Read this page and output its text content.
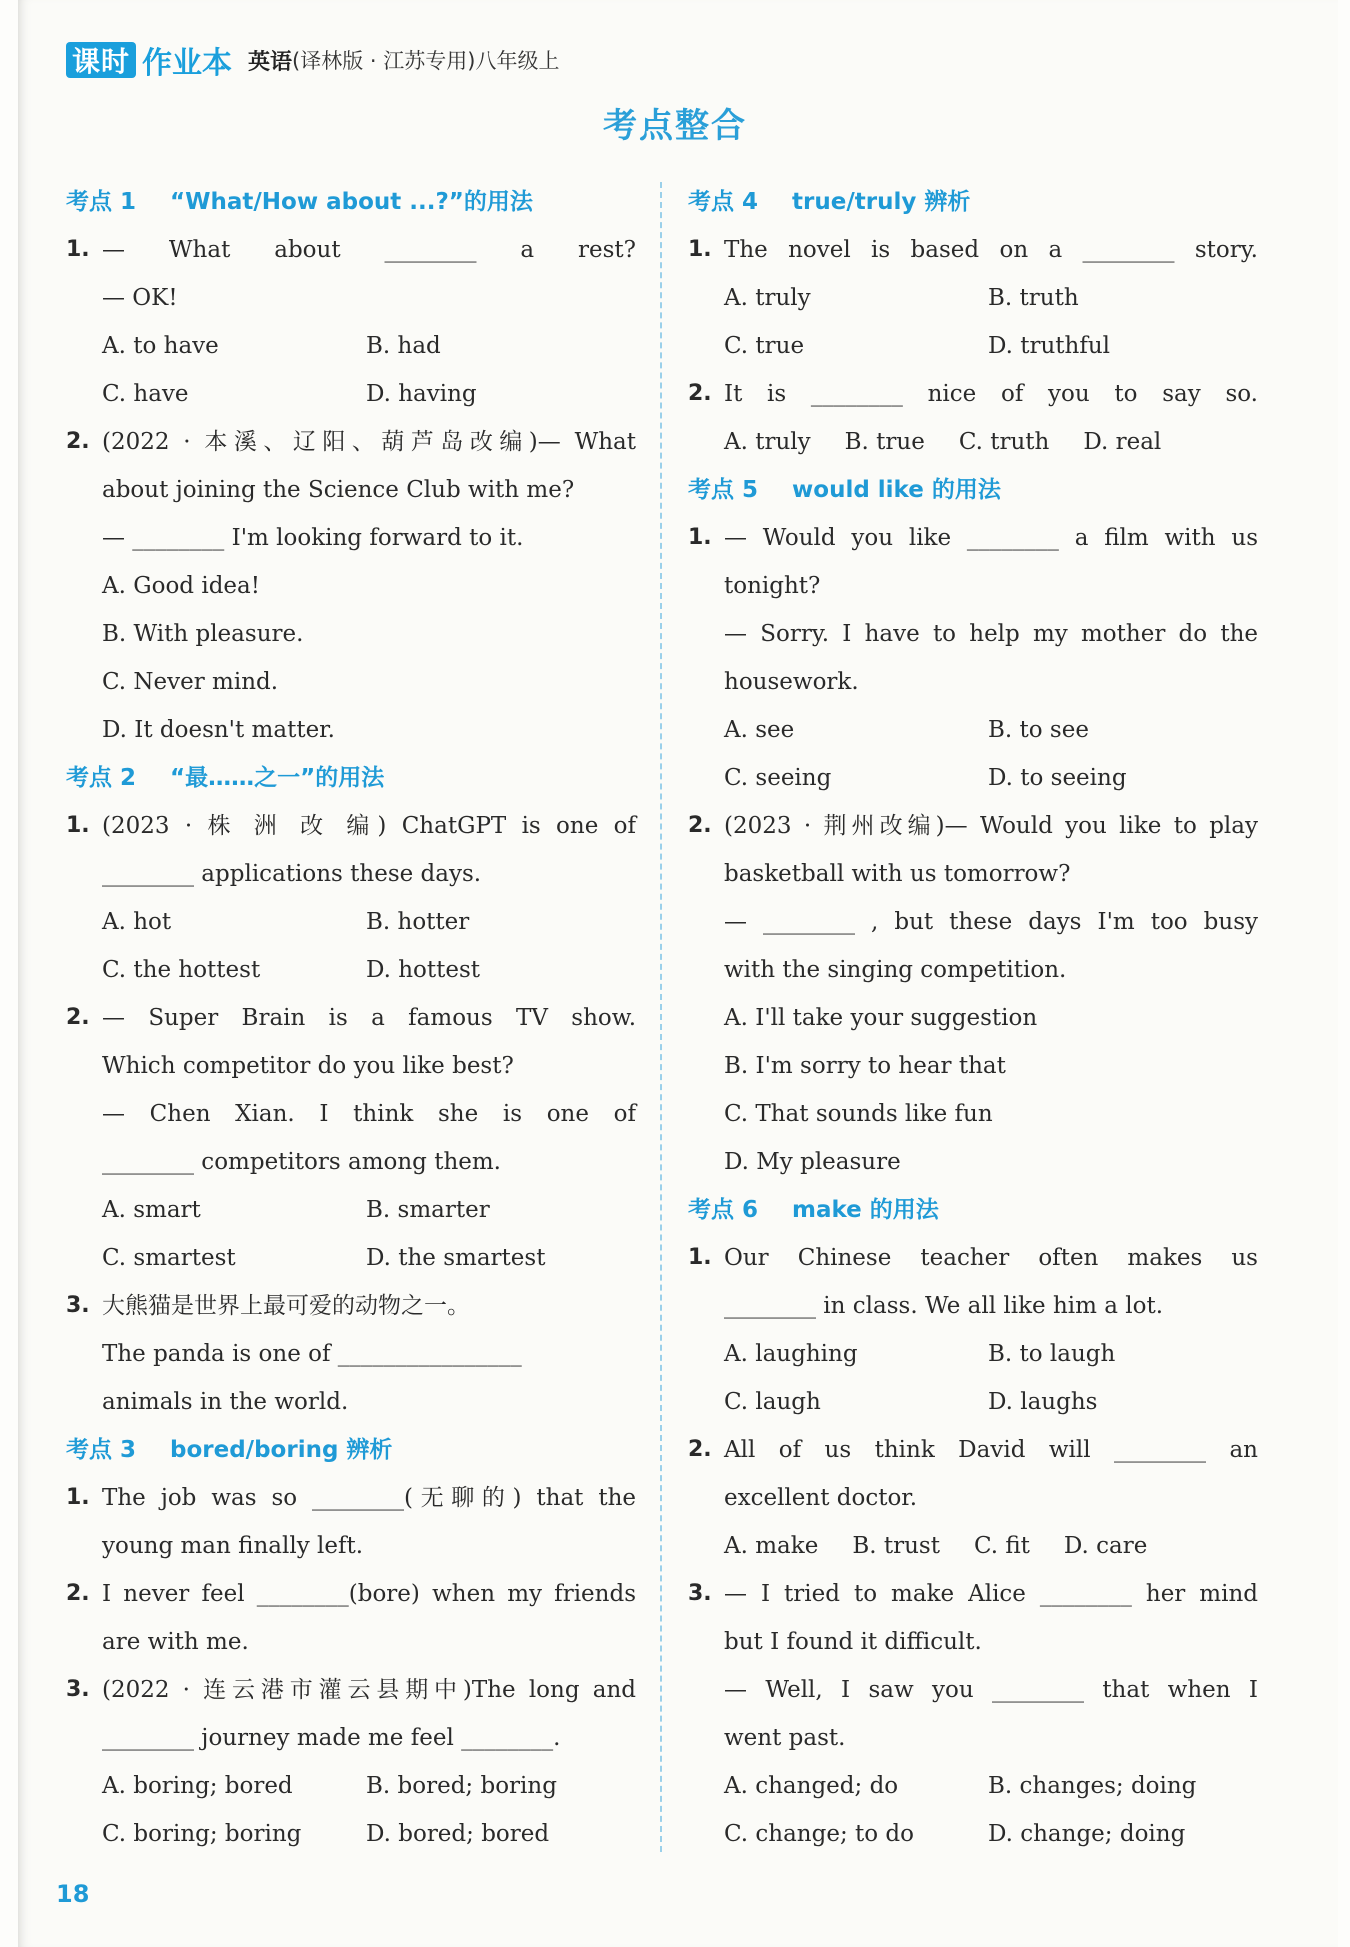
课时 作业本 英语 (译林版 · 江苏专用)八年级上
考点整合
考点 1 “What/How about ...?”的用法
1. — What about ________ a rest?
— OK!
A. to have	B. had
C. have	D. having
2. (2022 · 本溪、辽阳、葫芦岛改编)— What
about joining the Science Club with me?
— ________ I'm looking forward to it.
A. Good idea!
B. With pleasure.
C. Never mind.
D. It doesn't matter.
考点 2 “最……之一”的用法
1. (2023 · 株 洲 改 编) ChatGPT is one of
________ applications these days.
A. hot	B. hotter
C. the hottest	D. hottest
2. — Super Brain is a famous TV show.
Which competitor do you like best?
— Chen Xian. I think she is one of
________ competitors among them.
A. smart	B. smarter
C. smartest	D. the smartest
3. 大熊猫是世界上最可爱的动物之一。
The panda is one of ________________
animals in the world.
考点 3 bored/boring 辨析
1. The job was so ________(无聊的) that the
young man finally left.
2. I never feel ________(bore) when my friends
are with me.
3. (2022 · 连云港市灌云县期中)The long and
________ journey made me feel ________.
A. boring; bored	B. bored; boring
C. boring; boring	D. bored; bored
考点 4 true/truly 辨析
1. The novel is based on a ________ story.
A. truly	B. truth
C. true	D. truthful
2. It is ________ nice of you to say so.
A. truly B. true C. truth D. real
考点 5 would like 的用法
1. — Would you like ________ a film with us
tonight?
— Sorry. I have to help my mother do the
housework.
A. see	B. to see
C. seeing	D. to seeing
2. (2023 · 荆州改编)— Would you like to play
basketball with us tomorrow?
— ________ , but these days I'm too busy
with the singing competition.
A. I'll take your suggestion
B. I'm sorry to hear that
C. That sounds like fun
D. My pleasure
考点 6 make 的用法
1. Our Chinese teacher often makes us
________ in class. We all like him a lot.
A. laughing	B. to laugh
C. laugh	D. laughs
2. All of us think David will ________ an
excellent doctor.
A. make B. trust C. fit D. care
3. — I tried to make Alice ________ her mind
but I found it difficult.
— Well, I saw you ________ that when I
went past.
A. changed; do	B. changes; doing
C. change; to do	D. change; doing
18
